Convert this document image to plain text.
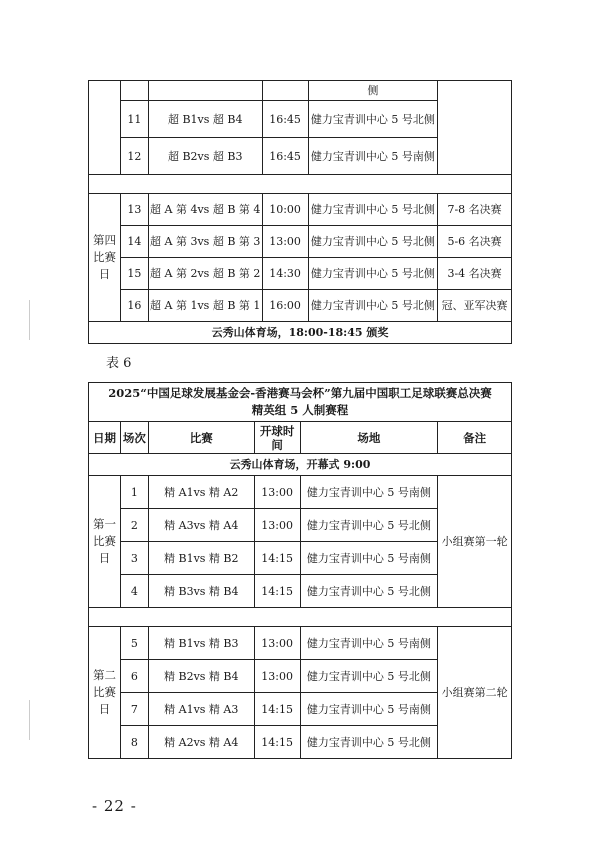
				侧	
	11	超 B1vs 超 B4	16:45	健力宝青训中心 5 号北侧	
	12	超 B2vs 超 B3	16:45	健力宝青训中心 5 号南侧	

第四比赛日	13	超 A 第 4vs 超 B 第 4	10:00	健力宝青训中心 5 号北侧	7-8 名决赛
	14	超 A 第 3vs 超 B 第 3	13:00	健力宝青训中心 5 号北侧	5-6 名决赛
	15	超 A 第 2vs 超 B 第 2	14:30	健力宝青训中心 5 号北侧	3-4 名决赛
	16	超 A 第 1vs 超 B 第 1	16:00	健力宝青训中心 5 号北侧	冠、亚军决赛
云秀山体育场，18:00-18:45 颁奖					
表 6
2025“中国足球发展基金会-香港赛马会杯”第九届中国职工足球联赛总决赛
精英组 5 人制赛程					

日期	场次	比赛	开球时间	场地	备注
云秀山体育场，开幕式 9:00					
第一比赛日	1	精 A1vs 精 A2	13:00	健力宝青训中心 5 号南侧	小组赛第一轮
	2	精 A3vs 精 A4	13:00	健力宝青训中心 5 号北侧	
	3	精 B1vs 精 B2	14:15	健力宝青训中心 5 号南侧	
	4	精 B3vs 精 B4	14:15	健力宝青训中心 5 号北侧	

第二比赛日	5	精 B1vs 精 B3	13:00	健力宝青训中心 5 号南侧	小组赛第二轮
	6	精 B2vs 精 B4	13:00	健力宝青训中心 5 号北侧	
	7	精 A1vs 精 A3	14:15	健力宝青训中心 5 号南侧	
	8	精 A2vs 精 A4	14:15	健力宝青训中心 5 号北侧	
- 22 -
